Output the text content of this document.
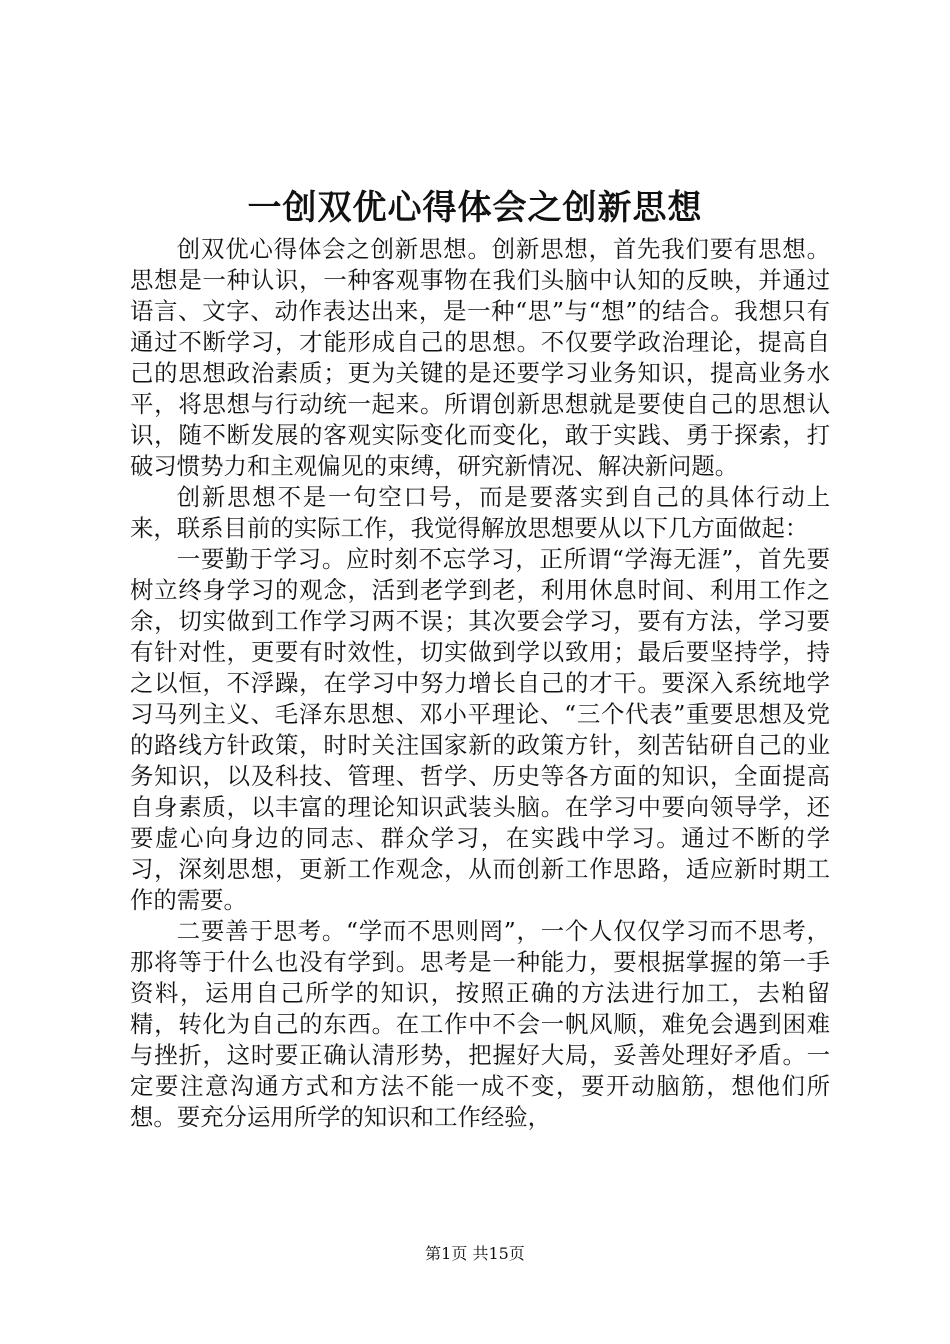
一创双优心得体会之创新思想

创双优心得体会之创新思想。创新思想，首先我们要有思想。思想是一种认识，一种客观事物在我们头脑中认知的反映，并通过语言、文字、动作表达出来，是一种“思”与“想”的结合。我想只有通过不断学习，才能形成自己的思想。不仅要学政治理论，提高自己的思想政治素质；更为关键的是还要学习业务知识，提高业务水平，将思想与行动统一起来。所谓创新思想就是要使自己的思想认识，随不断发展的客观实际变化而变化，敢于实践、勇于探索，打破习惯势力和主观偏见的束缚，研究新情况、解决新问题。

创新思想不是一句空口号，而是要落实到自己的具体行动上来，联系目前的实际工作，我觉得解放思想要从以下几方面做起：

一要勤于学习。应时刻不忘学习，正所谓“学海无涯”，首先要树立终身学习的观念，活到老学到老，利用休息时间、利用工作之余，切实做到工作学习两不误；其次要会学习，要有方法，学习要有针对性，更要有时效性，切实做到学以致用；最后要坚持学，持之以恒，不浮躁，在学习中努力增长自己的才干。要深入系统地学习马列主义、毛泽东思想、邓小平理论、“三个代表”重要思想及党的路线方针政策，时时关注国家新的政策方针，刻苦钻研自己的业务知识，以及科技、管理、哲学、历史等各方面的知识，全面提高自身素质，以丰富的理论知识武装头脑。在学习中要向领导学，还要虚心向身边的同志、群众学习，在实践中学习。通过不断的学习，深刻思想，更新工作观念，从而创新工作思路，适应新时期工作的需要。

二要善于思考。“学而不思则罔”，一个人仅仅学习而不思考，那将等于什么也没有学到。思考是一种能力，要根据掌握的第一手资料，运用自己所学的知识，按照正确的方法进行加工，去粕留精，转化为自己的东西。在工作中不会一帆风顺，难免会遇到困难与挫折，这时要正确认清形势，把握好大局，妥善处理好矛盾。一定要注意沟通方式和方法不能一成不变，要开动脑筋，想他们所想。要充分运用所学的知识和工作经验，

第1页 共15页
